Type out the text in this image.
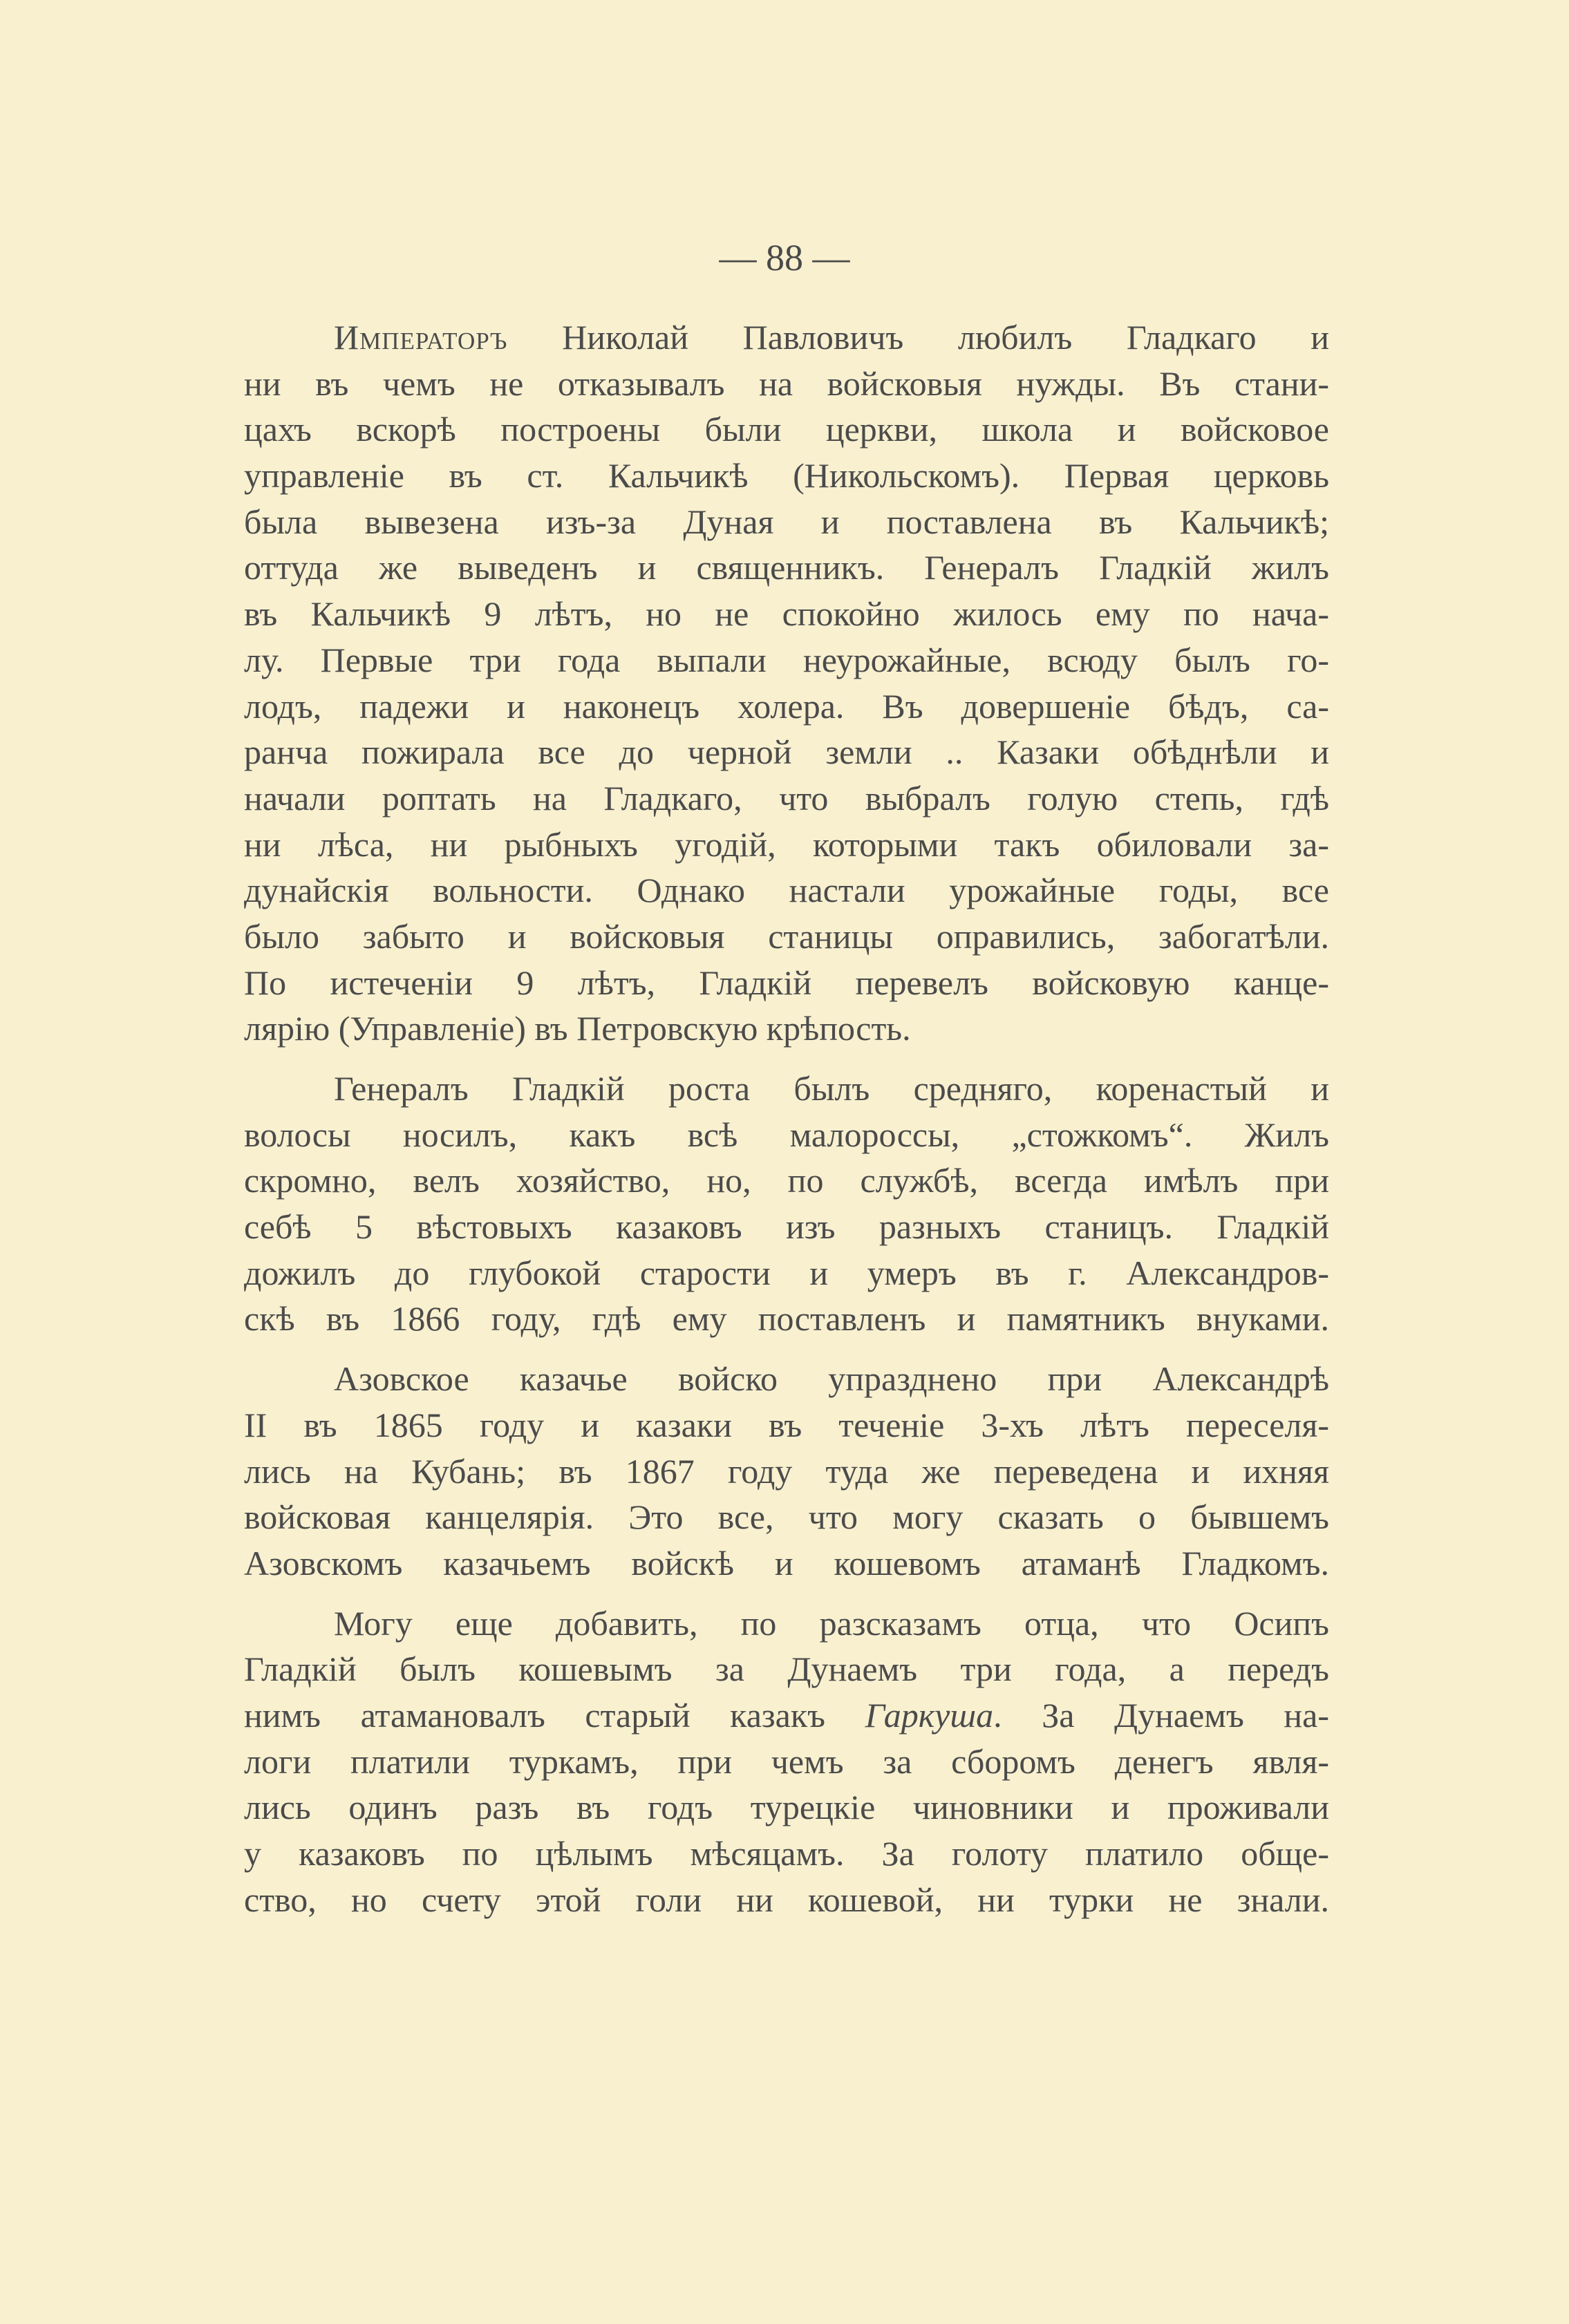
— 88 —

Императоръ Николай Павловичъ любилъ Гладкаго и
ни въ чемъ не отказывалъ на войсковыя нужды. Въ стани-
цахъ вскорѣ построены были церкви, школа и войсковое
управленіе въ ст. Кальчикѣ (Никольскомъ). Первая церковь
была вывезена изъ-за Дуная и поставлена въ Кальчикѣ;
оттуда же выведенъ и священникъ. Генералъ Гладкій жилъ
въ Кальчикѣ 9 лѣтъ, но не спокойно жилось ему по нача-
лу. Первые три года выпали неурожайные, всюду былъ го-
лодъ, падежи и наконецъ холера. Въ довершеніе бѣдъ, са-
ранча пожирала все до черной земли .. Казаки обѣднѣли и
начали роптать на Гладкаго, что выбралъ голую степь, гдѣ
ни лѣса, ни рыбныхъ угодій, которыми такъ обиловали за-
дунайскія вольности. Однако настали урожайные годы, все
было забыто и войсковыя станицы оправились, забогатѣли.
По истеченіи 9 лѣтъ, Гладкій перевелъ войсковую канце-
лярію (Управленіе) въ Петровскую крѣпость.

Генералъ Гладкій роста былъ средняго, коренастый и
волосы носилъ, какъ всѣ малороссы, „стожкомъ“. Жилъ
скромно, велъ хозяйство, но, по службѣ, всегда имѣлъ при
себѣ 5 вѣстовыхъ казаковъ изъ разныхъ станицъ. Гладкій
дожилъ до глубокой старости и умеръ въ г. Александров-
скѣ въ 1866 году, гдѣ ему поставленъ и памятникъ внуками.

Азовское казачье войско упразднено при Александрѣ
II въ 1865 году и казаки въ теченіе 3-хъ лѣтъ переселя-
лись на Кубань; въ 1867 году туда же переведена и ихняя
войсковая канцелярія. Это все, что могу сказать о бывшемъ
Азовскомъ казачьемъ войскѣ и кошевомъ атаманѣ Гладкомъ.

Могу еще добавить, по разсказамъ отца, что Осипъ
Гладкій былъ кошевымъ за Дунаемъ три года, а передъ
нимъ атамановалъ старый казакъ Гаркуша. За Дунаемъ на-
логи платили туркамъ, при чемъ за сборомъ денегъ явля-
лись одинъ разъ въ годъ турецкіе чиновники и проживали
у казаковъ по цѣлымъ мѣсяцамъ. За голоту платило обще-
ство, но счету этой голи ни кошевой, ни турки не знали.
